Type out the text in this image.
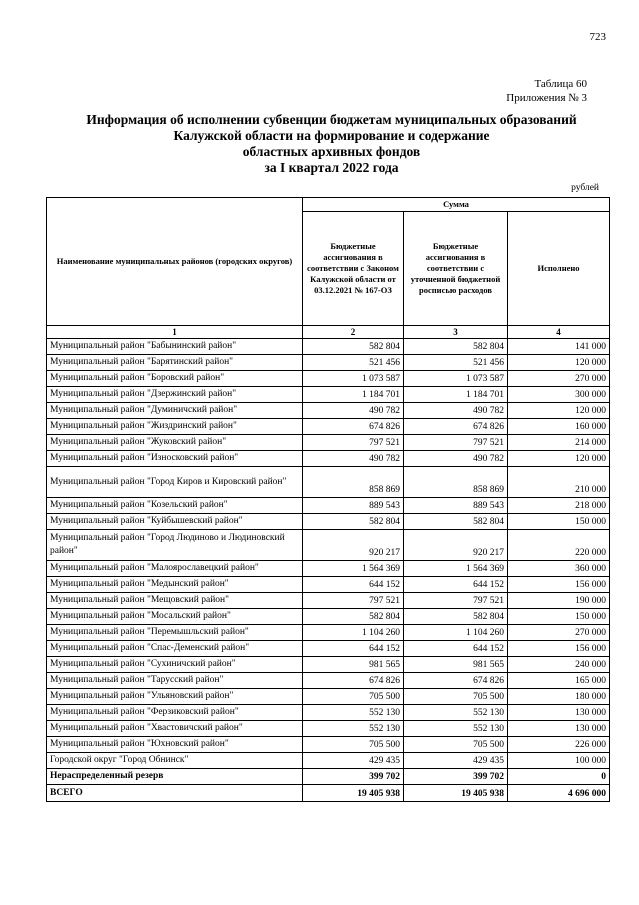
723
Таблица 60
Приложения № 3
Информация об исполнении субвенции бюджетам муниципальных образований
Калужской области на формирование и содержание
областных архивных фондов
за I квартал 2022 года
рублей
Наименование муниципальных районов (городских округов)	Сумма		
	Бюджетные ассигнования в соответствии с Законом Калужской области от 03.12.2021 № 167-ОЗ	Бюджетные ассигнования в соответствии с уточненной бюджетной росписью расходов	Исполнено
1	2	3	4
Муниципальный район "Бабынинский район"	582 804	582 804	141 000
Муниципальный район "Барятинский район"	521 456	521 456	120 000
Муниципальный район "Боровский район"	1 073 587	1 073 587	270 000
Муниципальный район "Дзержинский район"	1 184 701	1 184 701	300 000
Муниципальный район "Думиничский район"	490 782	490 782	120 000
Муниципальный район "Жиздринский район"	674 826	674 826	160 000
Муниципальный район "Жуковский район"	797 521	797 521	214 000
Муниципальный район "Износковский район"	490 782	490 782	120 000
Муниципальный район "Город Киров и Кировский район"	858 869	858 869	210 000
Муниципальный район "Козельский район"	889 543	889 543	218 000
Муниципальный район "Куйбышевский район"	582 804	582 804	150 000
Муниципальный район "Город Людиново и Людиновский район"	920 217	920 217	220 000
Муниципальный район "Малоярославецкий район"	1 564 369	1 564 369	360 000
Муниципальный район "Медынский район"	644 152	644 152	156 000
Муниципальный район "Мещовский район"	797 521	797 521	190 000
Муниципальный район "Мосальский район"	582 804	582 804	150 000
Муниципальный район "Перемышльский район"	1 104 260	1 104 260	270 000
Муниципальный район "Спас-Деменский район"	644 152	644 152	156 000
Муниципальный район "Сухиничский район"	981 565	981 565	240 000
Муниципальный район "Тарусский район"	674 826	674 826	165 000
Муниципальный район "Ульяновский район"	705 500	705 500	180 000
Муниципальный район "Ферзиковский район"	552 130	552 130	130 000
Муниципальный район "Хвастовичский район"	552 130	552 130	130 000
Муниципальный район "Юхновский район"	705 500	705 500	226 000
Городской округ "Город Обнинск"	429 435	429 435	100 000
Нераспределенный резерв	399 702	399 702	0
ВСЕГО	19 405 938	19 405 938	4 696 000
